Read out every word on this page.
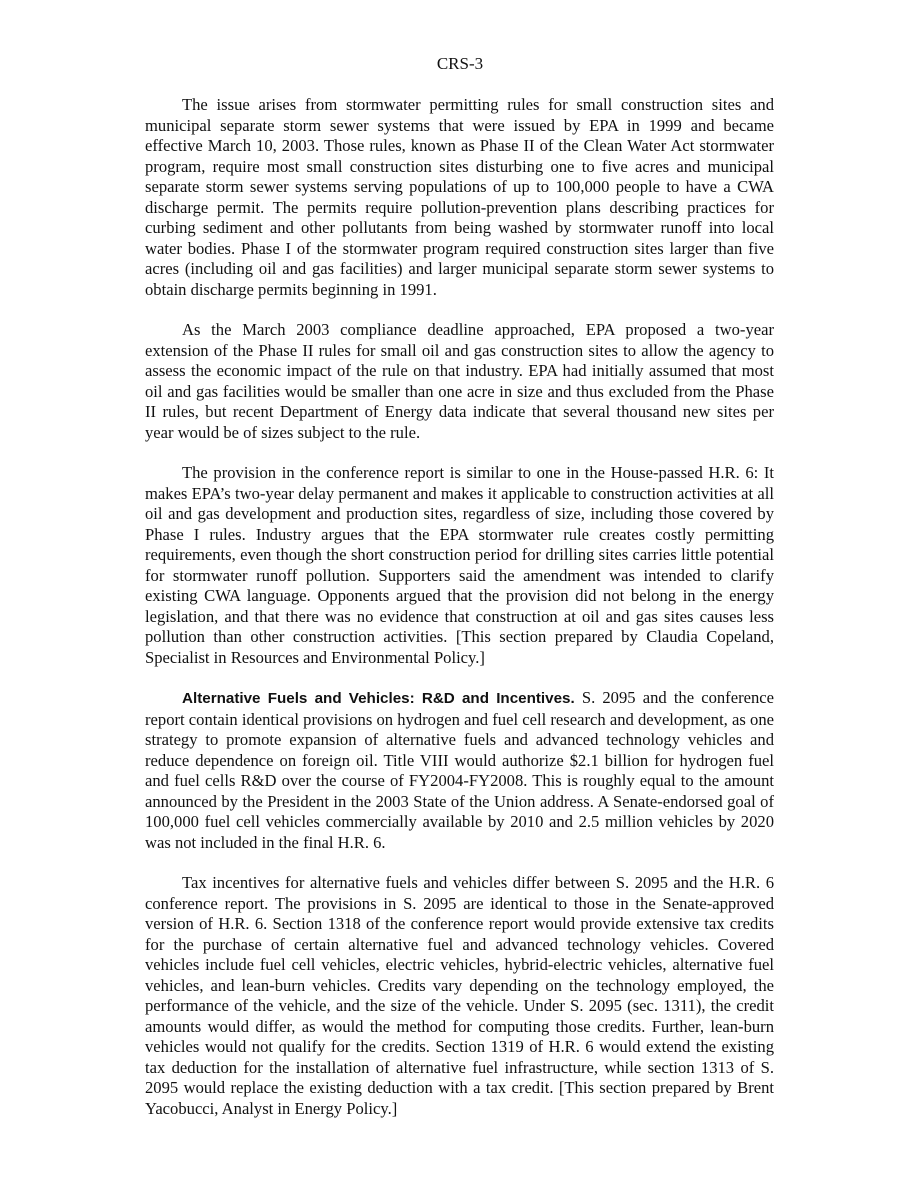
CRS-3

The issue arises from stormwater permitting rules for small construction sites and municipal separate storm sewer systems that were issued by EPA in 1999 and became effective March 10, 2003. Those rules, known as Phase II of the Clean Water Act stormwater program, require most small construction sites disturbing one to five acres and municipal separate storm sewer systems serving populations of up to 100,000 people to have a CWA discharge permit. The permits require pollution-prevention plans describing practices for curbing sediment and other pollutants from being washed by stormwater runoff into local water bodies. Phase I of the stormwater program required construction sites larger than five acres (including oil and gas facilities) and larger municipal separate storm sewer systems to obtain discharge permits beginning in 1991.

As the March 2003 compliance deadline approached, EPA proposed a two-year extension of the Phase II rules for small oil and gas construction sites to allow the agency to assess the economic impact of the rule on that industry. EPA had initially assumed that most oil and gas facilities would be smaller than one acre in size and thus excluded from the Phase II rules, but recent Department of Energy data indicate that several thousand new sites per year would be of sizes subject to the rule.

The provision in the conference report is similar to one in the House-passed H.R. 6: It makes EPA’s two-year delay permanent and makes it applicable to construction activities at all oil and gas development and production sites, regardless of size, including those covered by Phase I rules. Industry argues that the EPA stormwater rule creates costly permitting requirements, even though the short construction period for drilling sites carries little potential for stormwater runoff pollution. Supporters said the amendment was intended to clarify existing CWA language. Opponents argued that the provision did not belong in the energy legislation, and that there was no evidence that construction at oil and gas sites causes less pollution than other construction activities. [This section prepared by Claudia Copeland, Specialist in Resources and Environmental Policy.]

Alternative Fuels and Vehicles: R&D and Incentives. S. 2095 and the conference report contain identical provisions on hydrogen and fuel cell research and development, as one strategy to promote expansion of alternative fuels and advanced technology vehicles and reduce dependence on foreign oil. Title VIII would authorize $2.1 billion for hydrogen fuel and fuel cells R&D over the course of FY2004-FY2008. This is roughly equal to the amount announced by the President in the 2003 State of the Union address. A Senate-endorsed goal of 100,000 fuel cell vehicles commercially available by 2010 and 2.5 million vehicles by 2020 was not included in the final H.R. 6.

Tax incentives for alternative fuels and vehicles differ between S. 2095 and the H.R. 6 conference report. The provisions in S. 2095 are identical to those in the Senate-approved version of H.R. 6. Section 1318 of the conference report would provide extensive tax credits for the purchase of certain alternative fuel and advanced technology vehicles. Covered vehicles include fuel cell vehicles, electric vehicles, hybrid-electric vehicles, alternative fuel vehicles, and lean-burn vehicles. Credits vary depending on the technology employed, the performance of the vehicle, and the size of the vehicle. Under S. 2095 (sec. 1311), the credit amounts would differ, as would the method for computing those credits. Further, lean-burn vehicles would not qualify for the credits. Section 1319 of H.R. 6 would extend the existing tax deduction for the installation of alternative fuel infrastructure, while section 1313 of S. 2095 would replace the existing deduction with a tax credit. [This section prepared by Brent Yacobucci, Analyst in Energy Policy.]
